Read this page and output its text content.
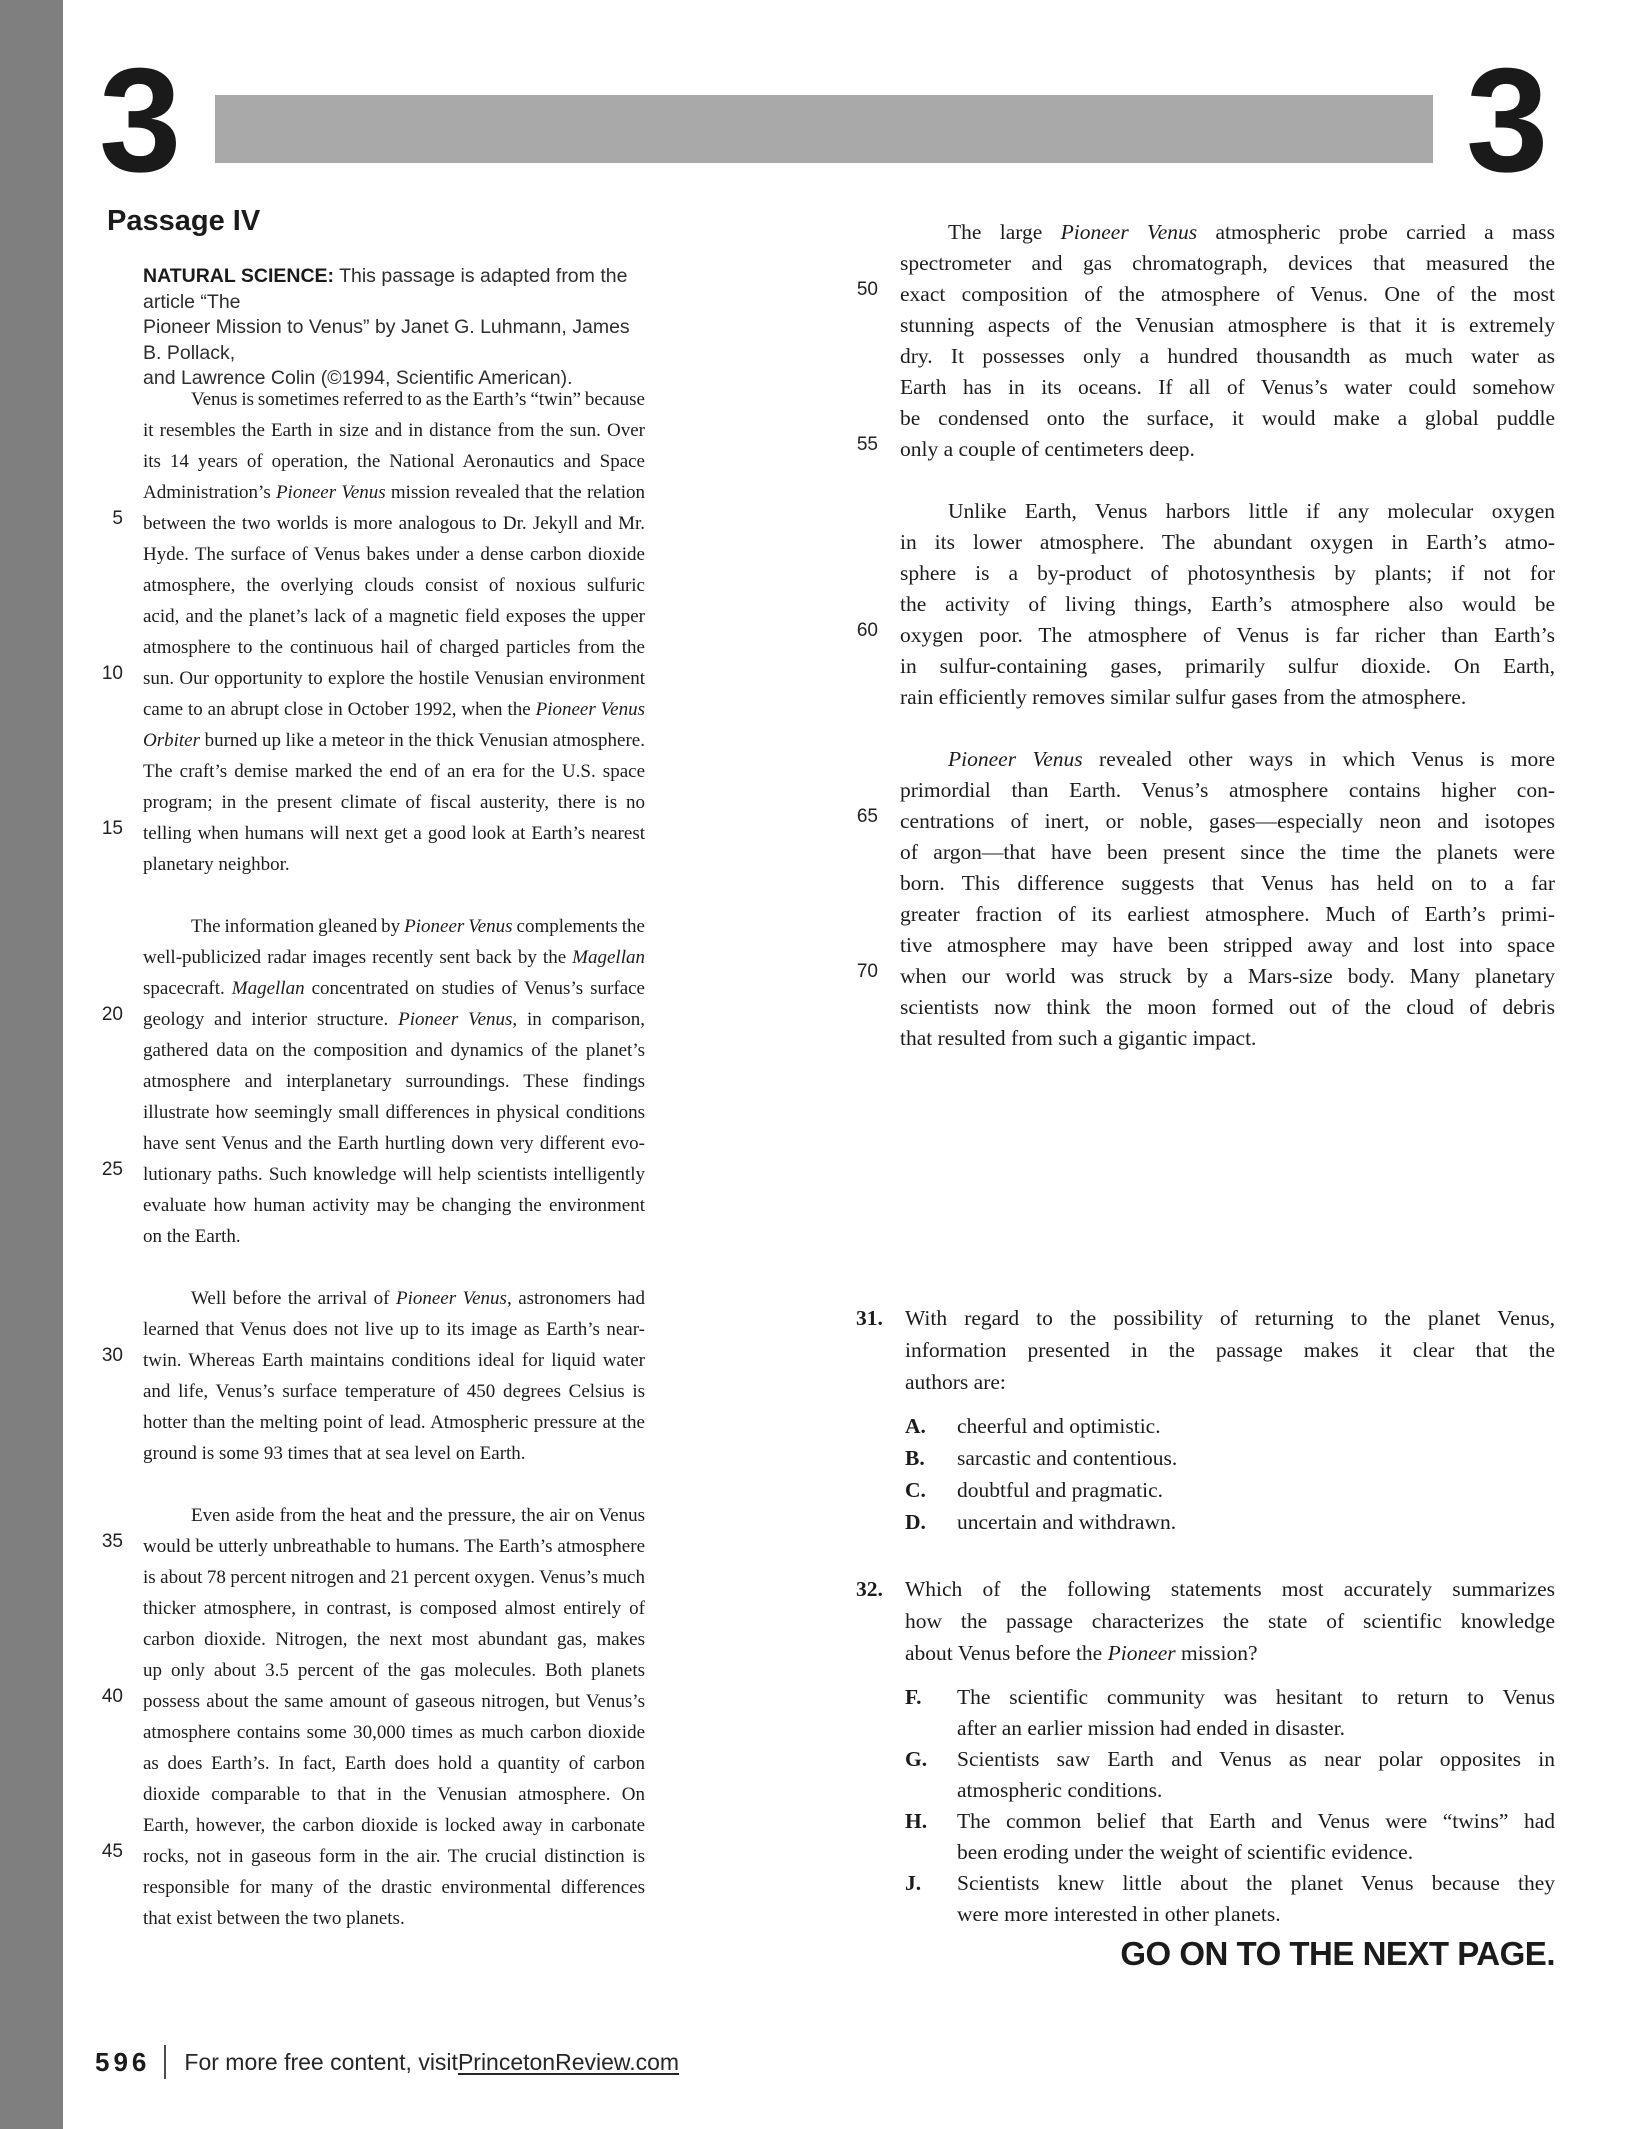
3	3
Passage IV
NATURAL SCIENCE: This passage is adapted from the article “The
Pioneer Mission to Venus” by Janet G. Luhmann, James B. Pollack,
and Lawrence Colin (©1994, Scientific American).
Venus is sometimes referred to as the Earth’s “twin” because
it resembles the Earth in size and in distance from the sun. Over
its 14 years of operation, the National Aeronautics and Space
Administration’s Pioneer Venus mission revealed that the relation
between the two worlds is more analogous to Dr. Jekyll and Mr.
5
Hyde. The surface of Venus bakes under a dense carbon dioxide
atmosphere, the overlying clouds consist of noxious sulfuric
acid, and the planet’s lack of a magnetic field exposes the upper
atmosphere to the continuous hail of charged particles from the
sun. Our opportunity to explore the hostile Venusian environment
10
came to an abrupt close in October 1992, when the Pioneer Venus
Orbiter burned up like a meteor in the thick Venusian atmosphere.
The craft’s demise marked the end of an era for the U.S. space
program; in the present climate of fiscal austerity, there is no
telling when humans will next get a good look at Earth’s nearest
15
planetary neighbor.
The information gleaned by Pioneer Venus complements the
well-publicized radar images recently sent back by the Magellan
spacecraft. Magellan concentrated on studies of Venus’s surface
geology and interior structure. Pioneer Venus, in comparison,
20
gathered data on the composition and dynamics of the planet’s
atmosphere and interplanetary surroundings. These findings
illustrate how seemingly small differences in physical conditions
have sent Venus and the Earth hurtling down very different evo-
lutionary paths. Such knowledge will help scientists intelligently
25
evaluate how human activity may be changing the environment
on the Earth.
Well before the arrival of Pioneer Venus, astronomers had
learned that Venus does not live up to its image as Earth’s near-
twin. Whereas Earth maintains conditions ideal for liquid water
30
and life, Venus’s surface temperature of 450 degrees Celsius is
hotter than the melting point of lead. Atmospheric pressure at the
ground is some 93 times that at sea level on Earth.
Even aside from the heat and the pressure, the air on Venus
would be utterly unbreathable to humans. The Earth’s atmosphere
35
is about 78 percent nitrogen and 21 percent oxygen. Venus’s much
thicker atmosphere, in contrast, is composed almost entirely of
carbon dioxide. Nitrogen, the next most abundant gas, makes
up only about 3.5 percent of the gas molecules. Both planets
possess about the same amount of gaseous nitrogen, but Venus’s
40
atmosphere contains some 30,000 times as much carbon dioxide
as does Earth’s. In fact, Earth does hold a quantity of carbon
dioxide comparable to that in the Venusian atmosphere. On
Earth, however, the carbon dioxide is locked away in carbonate
rocks, not in gaseous form in the air. The crucial distinction is
45
responsible for many of the drastic environmental differences
that exist between the two planets.
The large Pioneer Venus atmospheric probe carried a mass
spectrometer and gas chromatograph, devices that measured the
exact composition of the atmosphere of Venus. One of the most
50
stunning aspects of the Venusian atmosphere is that it is extremely
dry. It possesses only a hundred thousandth as much water as
Earth has in its oceans. If all of Venus’s water could somehow
be condensed onto the surface, it would make a global puddle
only a couple of centimeters deep.
55
Unlike Earth, Venus harbors little if any molecular oxygen
in its lower atmosphere. The abundant oxygen in Earth’s atmo-
sphere is a by-product of photosynthesis by plants; if not for
the activity of living things, Earth’s atmosphere also would be
oxygen poor. The atmosphere of Venus is far richer than Earth’s
60
in sulfur-containing gases, primarily sulfur dioxide. On Earth,
rain efficiently removes similar sulfur gases from the atmosphere.
Pioneer Venus revealed other ways in which Venus is more
primordial than Earth. Venus’s atmosphere contains higher con-
centrations of inert, or noble, gases—especially neon and isotopes
65
of argon—that have been present since the time the planets were
born. This difference suggests that Venus has held on to a far
greater fraction of its earliest atmosphere. Much of Earth’s primi-
tive atmosphere may have been stripped away and lost into space
when our world was struck by a Mars-size body. Many planetary
70
scientists now think the moon formed out of the cloud of debris
that resulted from such a gigantic impact.
31. With regard to the possibility of returning to the planet Venus,
information presented in the passage makes it clear that the
authors are:
A. cheerful and optimistic.
B. sarcastic and contentious.
C. doubtful and pragmatic.
D. uncertain and withdrawn.
32. Which of the following statements most accurately summarizes
how the passage characterizes the state of scientific knowledge
about Venus before the Pioneer mission?
F. The scientific community was hesitant to return to Venus
after an earlier mission had ended in disaster.
G. Scientists saw Earth and Venus as near polar opposites in
atmospheric conditions.
H. The common belief that Earth and Venus were “twins” had
been eroding under the weight of scientific evidence.
J. Scientists knew little about the planet Venus because they
were more interested in other planets.
GO ON TO THE NEXT PAGE.
596 For more free content, visit PrincetonReview.com
